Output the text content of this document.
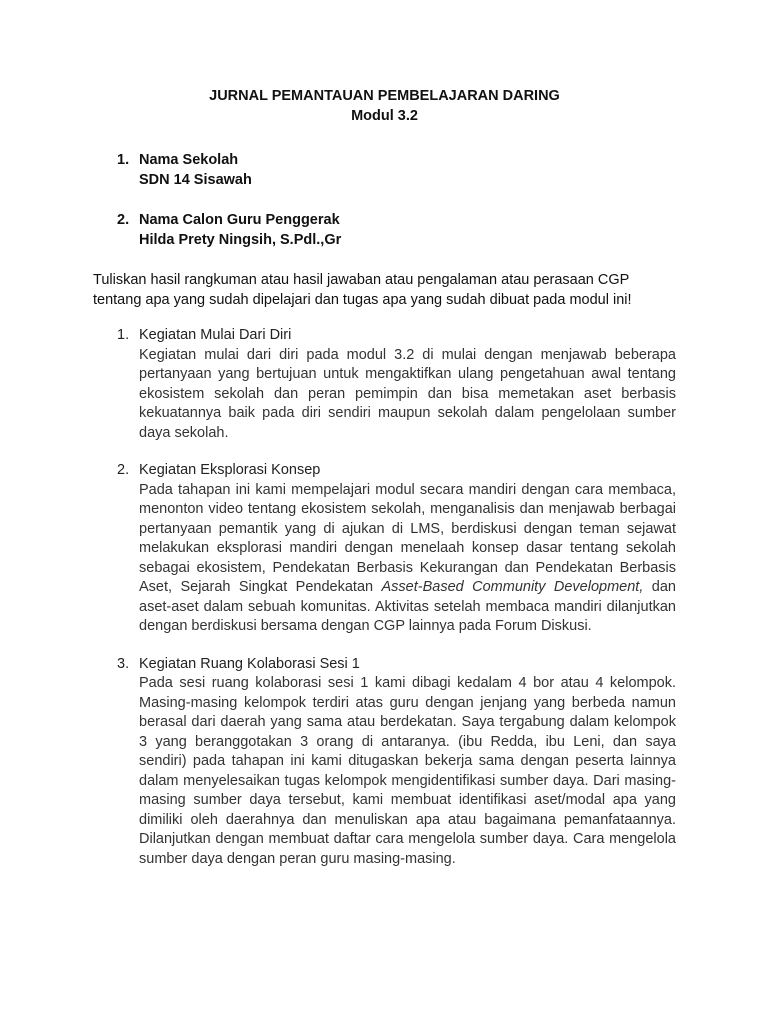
JURNAL PEMANTAUAN PEMBELAJARAN DARING
Modul 3.2
1. Nama Sekolah
SDN 14 Sisawah
2. Nama Calon Guru Penggerak
Hilda Prety Ningsih, S.Pdl.,Gr
Tuliskan hasil rangkuman atau hasil jawaban atau pengalaman atau perasaan CGP tentang apa yang sudah dipelajari dan tugas apa yang sudah dibuat pada modul ini!
1. Kegiatan Mulai Dari Diri
Kegiatan mulai dari diri pada modul 3.2 di mulai dengan menjawab beberapa pertanyaan yang bertujuan untuk mengaktifkan ulang pengetahuan awal tentang ekosistem sekolah dan peran pemimpin dan bisa memetakan aset berbasis kekuatannya baik pada diri sendiri maupun sekolah dalam pengelolaan sumber daya sekolah.
2. Kegiatan Eksplorasi Konsep
Pada tahapan ini kami mempelajari modul secara mandiri dengan cara membaca, menonton video tentang ekosistem sekolah, menganalisis dan menjawab berbagai pertanyaan pemantik yang di ajukan di LMS, berdiskusi dengan teman sejawat melakukan eksplorasi mandiri dengan menelaah konsep dasar tentang sekolah sebagai ekosistem, Pendekatan Berbasis Kekurangan dan Pendekatan Berbasis Aset, Sejarah Singkat Pendekatan Asset-Based Community Development, dan aset-aset dalam sebuah komunitas. Aktivitas setelah membaca mandiri dilanjutkan dengan berdiskusi bersama dengan CGP lainnya pada Forum Diskusi.
3. Kegiatan Ruang Kolaborasi Sesi 1
Pada sesi ruang kolaborasi sesi 1 kami dibagi kedalam 4 bor atau 4 kelompok. Masing-masing kelompok terdiri atas guru dengan jenjang yang berbeda namun berasal dari daerah yang sama atau berdekatan. Saya tergabung dalam kelompok 3 yang beranggotakan 3 orang di antaranya. (ibu Redda, ibu Leni, dan saya sendiri) pada tahapan ini kami ditugaskan bekerja sama dengan peserta lainnya dalam menyelesaikan tugas kelompok mengidentifikasi sumber daya. Dari masing-masing sumber daya tersebut, kami membuat identifikasi aset/modal apa yang dimiliki oleh daerahnya dan menuliskan apa atau bagaimana pemanfataannya. Dilanjutkan dengan membuat daftar cara mengelola sumber daya. Cara mengelola sumber daya dengan peran guru masing-masing.
